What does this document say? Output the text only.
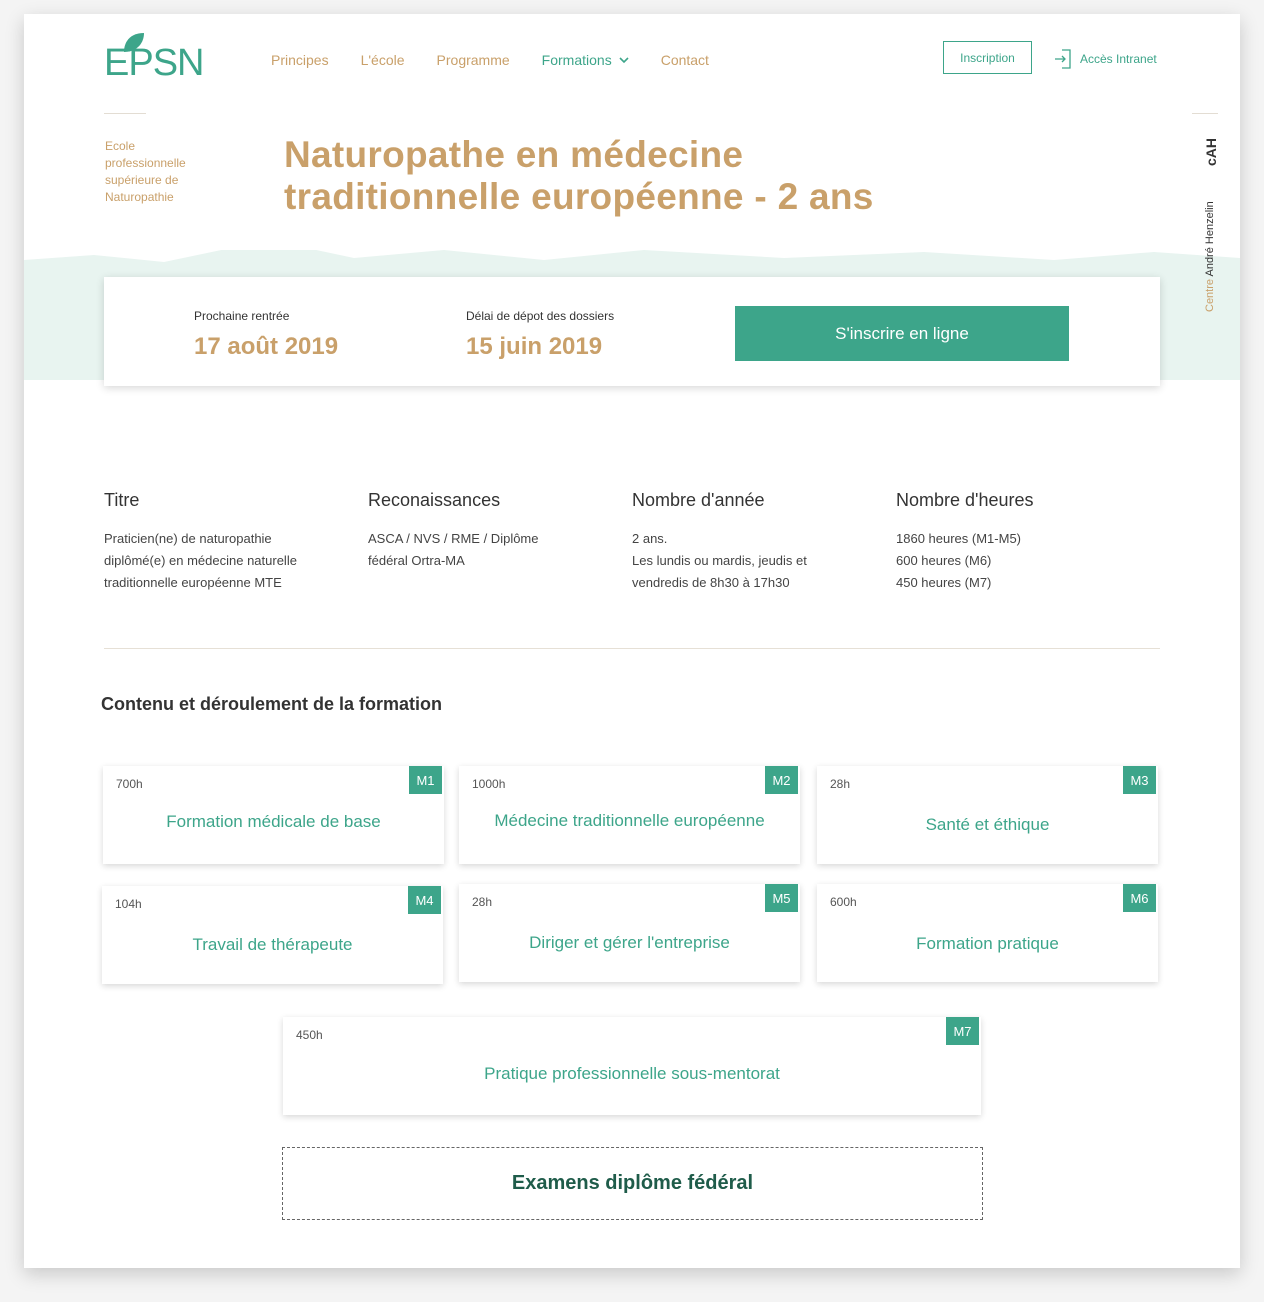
EPSN	Principes L'école Programme Formations	Contact	Inscription	Accès Intranet
Ecole professionnelle supérieure de Naturopathie
Naturopathe en médecine
traditionnelle européenne - 2 ans
cAH
Centre André Henzelin
Prochaine rentrée
17 août 2019
Délai de dépot des dossiers
15 juin 2019	S'inscrire en ligne
Titre

Praticien(ne) de naturopathie
diplômé(e) en médecine naturelle
traditionnelle européenne MTE

Reconaissances

ASCA / NVS / RME / Diplôme
fédéral Ortra-MA

Nombre d'année

2 ans.
Les lundis ou mardis, jeudis et
vendredis de 8h30 à 17h30

Nombre d'heures

1860 heures (M1-M5)
600 heures (M6)
450 heures (M7)

Contenu et déroulement de la formation
700h	M1
Formation médicale de base
1000h	M2
Médecine traditionnelle européenne
28h	M3
Santé et éthique
104h	M4
Travail de thérapeute
28h	M5
Diriger et gérer l'entreprise
600h	M6
Formation pratique
450h	M7
Pratique professionnelle sous-mentorat
Examens diplôme fédéral
